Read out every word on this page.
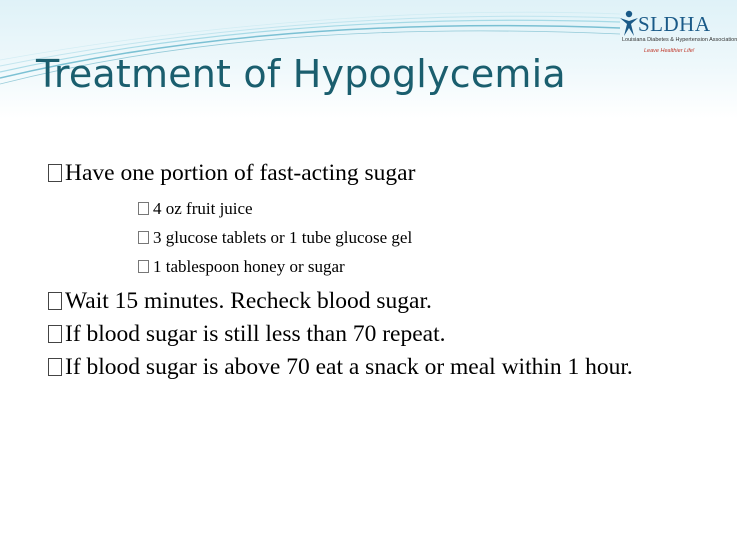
Treatment of Hypoglycemia
SLDHA
Louisiana Diabetes & Hypertension Association
Leave Healthier Life!
Have one portion of fast-acting sugar
4 oz fruit juice
3 glucose tablets or 1 tube glucose gel
1 tablespoon honey or sugar
Wait 15 minutes. Recheck blood sugar.
If blood sugar is still less than 70 repeat.
If blood sugar is above 70 eat a snack or meal within 1 hour.
